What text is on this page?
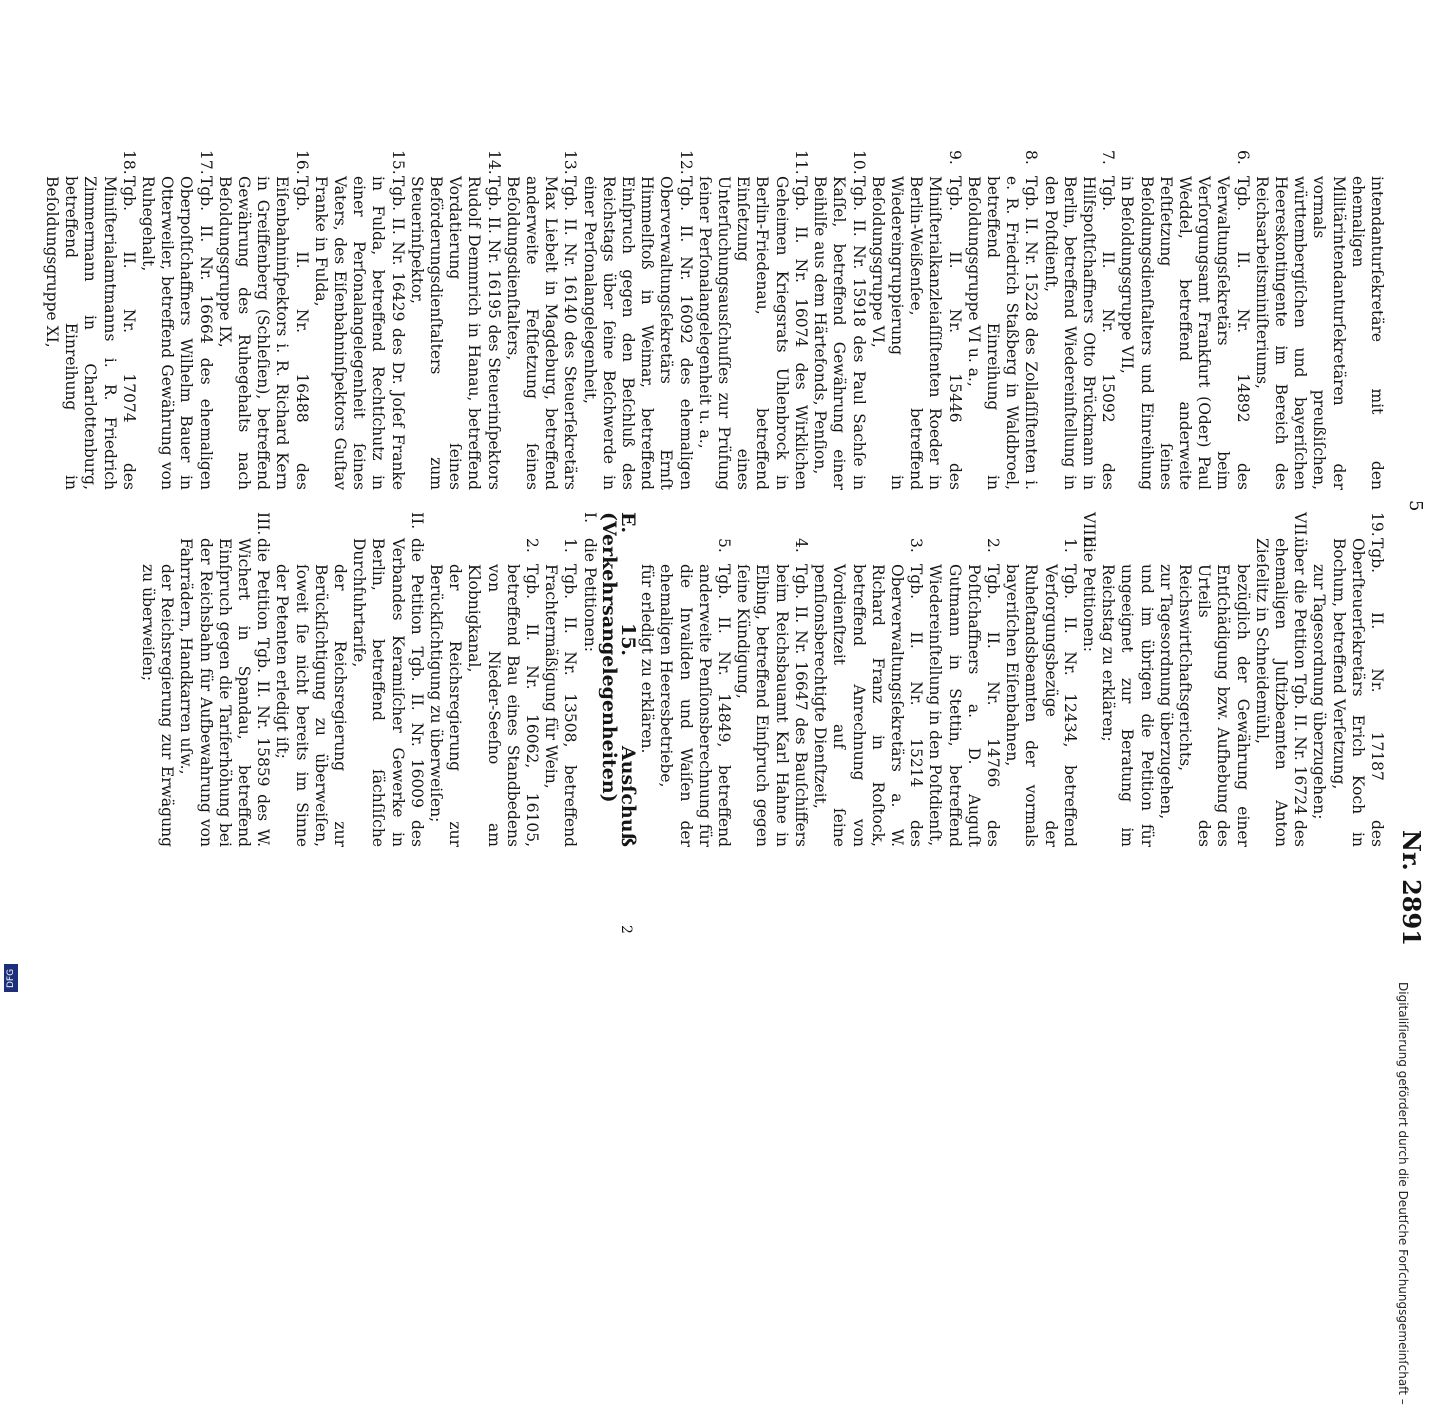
5
Nr. 2891

intendanturſekretäre mit den ehemaligen Militärintendanturſekretären der vormals preußiſchen, württembergiſchen und bayeriſchen Heereskontingente im Bereich des Reichsarbeitsminiſteriums,

6.
Tgb. II. Nr. 14892 des Verwaltungsſekretärs beim Verſorgungsamt Frankfurt (Oder) Paul Weddel, betreffend anderweite Feſtſetzung ſeines Beſoldungsdienſtalters und Einreihung in Beſoldungsgruppe VII,
7.
Tgb. II. Nr. 15092 des Hilfspoſtſchaffners Otto Brückmann in Berlin, betreffend Wiedereinſtellung in den Poſtdienſt,
8.
Tgb. II. Nr. 15228 des Zollaſſiſtenten i. e. R. Friedrich Staßberg in Waldbroel, betreffend Einreihung in Beſoldungsgruppe VI u. a.,
9.
Tgb. II. Nr. 15446 des Miniſterialkanzleiaſſiſtenten Roeder in Berlin-Weißenſee, betreffend Wiedereingruppierung in Beſoldungsgruppe VI,
10.
Tgb. II. Nr. 15918 des Paul Sachſe in Kaſſel, betreffend Gewährung einer Beihilfe aus dem Härtefonds, Penſion,
11.
Tgb. II. Nr. 16074 des Wirklichen Geheimen Kriegsrats Uhlenbrock in Berlin-Friedenau, betreffend Einſetzung eines Unterſuchungsausſchuſſes zur Prüfung ſeiner Perſonalangelegenheit u. a.,
12.
Tgb. II. Nr. 16092 des ehemaligen Oberverwaltungsſekretärs Ernſt Himmelſtoß in Weimar, betreffend Einſpruch gegen den Beſchluß des Reichstags über ſeine Beſchwerde in einer Perſonalangelegenheit,
13.
Tgb. II. Nr. 16140 des Steuerſekretärs Max Liebelt in Magdeburg, betreffend anderweite Feſtſetzung ſeines Beſoldungsdienſtalters,
14.
Tgb. II. Nr. 16195 des Steuerinſpektors Rudolf Demmrich in Hanau, betreffend Vordatierung ſeines Beförderungsdienſtalters zum Steuerinſpektor,
15.
Tgb. II. Nr. 16429 des Dr. Joſef Franke in Fulda, betreffend Rechtſchutz in einer Perſonalangelegenheit ſeines Vaters, des Eiſenbahninſpektors Guſtav Franke in Fulda,
16.
Tgb. II. Nr. 16488 des Eiſenbahninſpektors i. R. Richard Kern in Greiffenberg (Schleſien), betreffend Gewährung des Ruhegehalts nach Beſoldungsgruppe IX,
17.
Tgb. II. Nr. 16664 des ehemaligen Oberpoſtſchaffners Wilhelm Bauer in Otterweiler, betreffend Gewährung von Ruhegehalt,
18.
Tgb. II. Nr. 17074 des Miniſterialamtmanns i. R. Friedrich Zimmermann in Charlottenburg, betreffend Einreihung in Beſoldungsgruppe XI,
19.
Tgb. II. Nr. 17187 des Oberſteuerſekretärs Erich Koch in Bochum, betreffend Verſetzung,

zur Tagesordnung überzugehen;

VII.
über die Petition Tgb. II. Nr. 16724 des ehemaligen Juſtizbeamten Anton Zieſelitz in Schneidemühl,

bezüglich der Gewährung einer Entſchädigung bzw. Aufhebung des Urteils des Reichswirtſchaftsgerichts,

zur Tagesordnung überzugehen,

und im übrigen die Petition für ungeeignet zur Beratung im Reichstag zu erklären;

VIII.
die Petitionen:
1.
Tgb. II. Nr. 12434, betreffend Verſorgungsbezüge der Ruheſtandsbeamten der vormals bayeriſchen Eiſenbahnen,
2.
Tgb. II. Nr. 14766 des Poſtſchaffners a. D. Auguſt Gutmann in Stettin, betreffend Wiedereinſtellung in den Poſtdienſt,
3.
Tgb. II. Nr. 15214 des Oberverwaltungsſekretärs a. W. Richard Franz in Roſtock, betreffend Anrechnung von Vordienſtzeit auf ſeine penſionsberechtigte Dienſtzeit,
4.
Tgb. II. Nr. 16647 des Bauſchiffers beim Reichsbauamt Karl Hahne in Elbing, betreffend Einſpruch gegen ſeine Kündigung,
5.
Tgb. II. Nr. 14849, betreffend anderweite Penſionsberechnung für die Invaliden und Waiſen der ehemaligen Heeresbetriebe,

für erledigt zu erklären.

E. 15. Ausſchuß (Verkehrsangelegenheiten)

I.
die Petitionen:
1.
Tgb. II. Nr. 13508, betreffend Frachtermäßigung für Wein,
2.
Tgb. II. Nr. 16062, 16105, betreffend Bau eines Standbedens von Nieder-Seeſno am Klobnigkanal,

der Reichsregierung zur Berückſichtigung zu überweiſen;

II.
die Petition Tgb. II. Nr. 16009 des Verbandes Keramiſcher Gewerke in Berlin, betreffend ſächſiſche Durchfuhrtarife,

der Reichsregierung zur Berückſichtigung zu überweiſen, ſoweit ſie nicht bereits im Sinne der Petenten erledigt iſt;

III.
die Petition Tgb. II. Nr. 15859 des W. Wichert in Spandau, betreffend Einſpruch gegen die Tariferhöhung bei der Reichsbahn für Aufbewahrung von Fahrrädern, Handkarren uſw.,

der Reichsregierung zur Erwägung zu überweiſen;

2
Digitaliſierung gefördert durch die Deutſche Forſchungsgemeinſchaft –
DFG
